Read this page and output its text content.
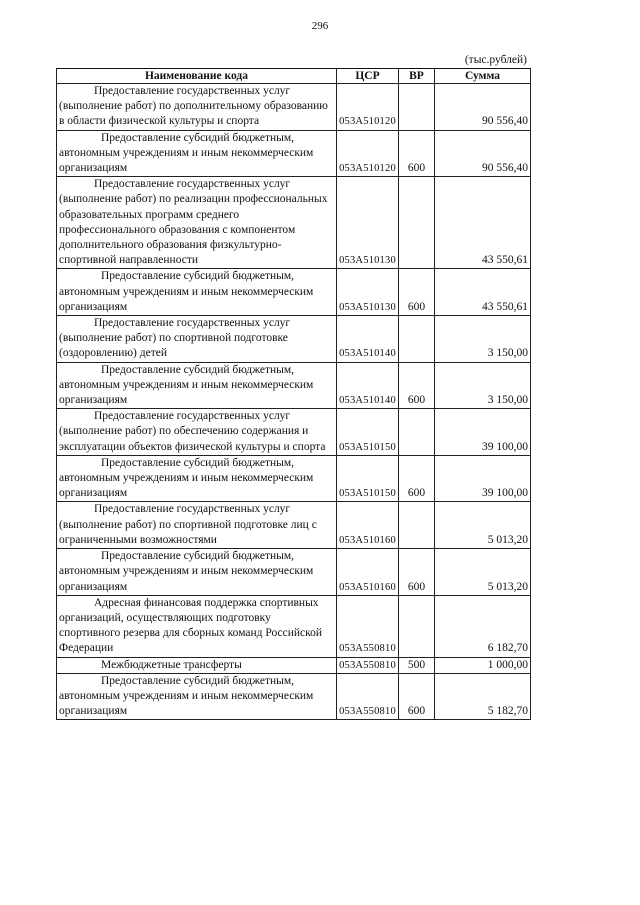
296
(тыс.рублей)
Наименование кода	ЦСР	ВР	Сумма
Предоставление государственных услуг (выполнение работ) по дополнительному образованию в области физической культуры и спорта	053А510120		90 556,40
Предоставление субсидий бюджетным, автономным учреждениям и иным некоммерческим организациям	053А510120	600	90 556,40
Предоставление государственных услуг (выполнение работ) по реализации профессиональных образовательных программ среднего профессионального образования с компонентом дополнительного образования физкультурно-спортивной направленности	053А510130		43 550,61
Предоставление субсидий бюджетным, автономным учреждениям и иным некоммерческим организациям	053А510130	600	43 550,61
Предоставление государственных услуг (выполнение работ) по спортивной подготовке (оздоровлению) детей	053А510140		3 150,00
Предоставление субсидий бюджетным, автономным учреждениям и иным некоммерческим организациям	053А510140	600	3 150,00
Предоставление государственных услуг (выполнение работ) по обеспечению содержания и эксплуатации объектов физической культуры и спорта	053А510150		39 100,00
Предоставление субсидий бюджетным, автономным учреждениям и иным некоммерческим организациям	053А510150	600	39 100,00
Предоставление государственных услуг (выполнение работ) по спортивной подготовке лиц с ограниченными возможностями	053А510160		5 013,20
Предоставление субсидий бюджетным, автономным учреждениям и иным некоммерческим организациям	053А510160	600	5 013,20
Адресная финансовая поддержка спортивных организаций, осуществляющих подготовку спортивного резерва для сборных команд Российской Федерации	053А550810		6 182,70
Межбюджетные трансферты	053А550810	500	1 000,00
Предоставление субсидий бюджетным, автономным учреждениям и иным некоммерческим организациям	053А550810	600	5 182,70
